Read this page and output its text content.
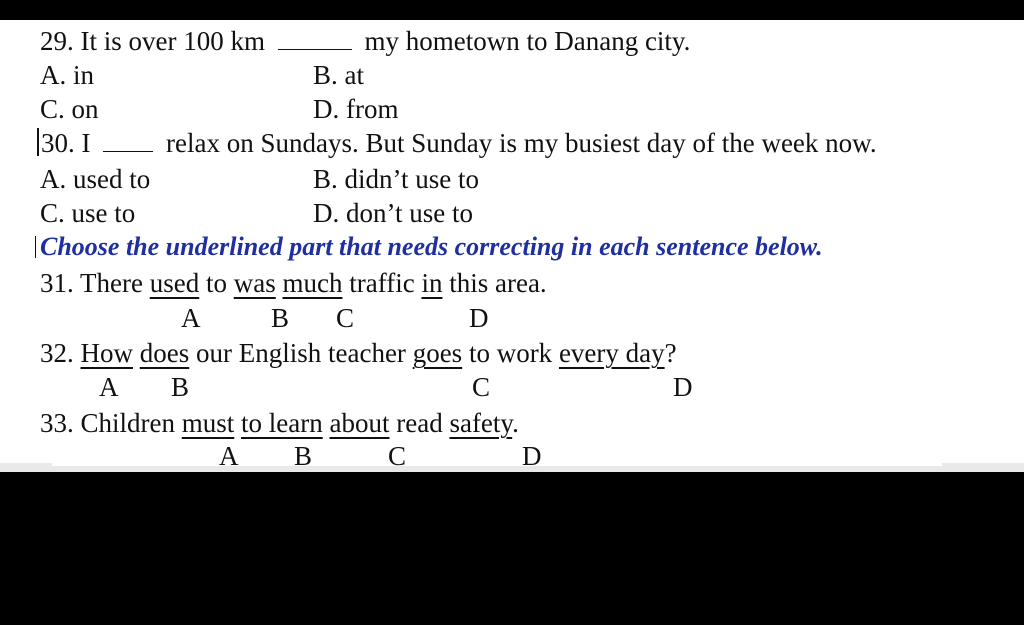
29. It is over 100 km	my hometown to Danang city.
A. in	B. at
C. on	D. from
30. I	relax on Sundays. But Sunday is my busiest day of the week now.
A. used to	B. didn’t use to
C. use to	D. don’t use to
Choose the underlined part that needs correcting in each sentence below.
31. There used to was much traffic in this area.
A	B C	D
32. How does our English teacher goes to work every day?
A B	C	D
33. Children must to learn about read safety.
A B	C	D
